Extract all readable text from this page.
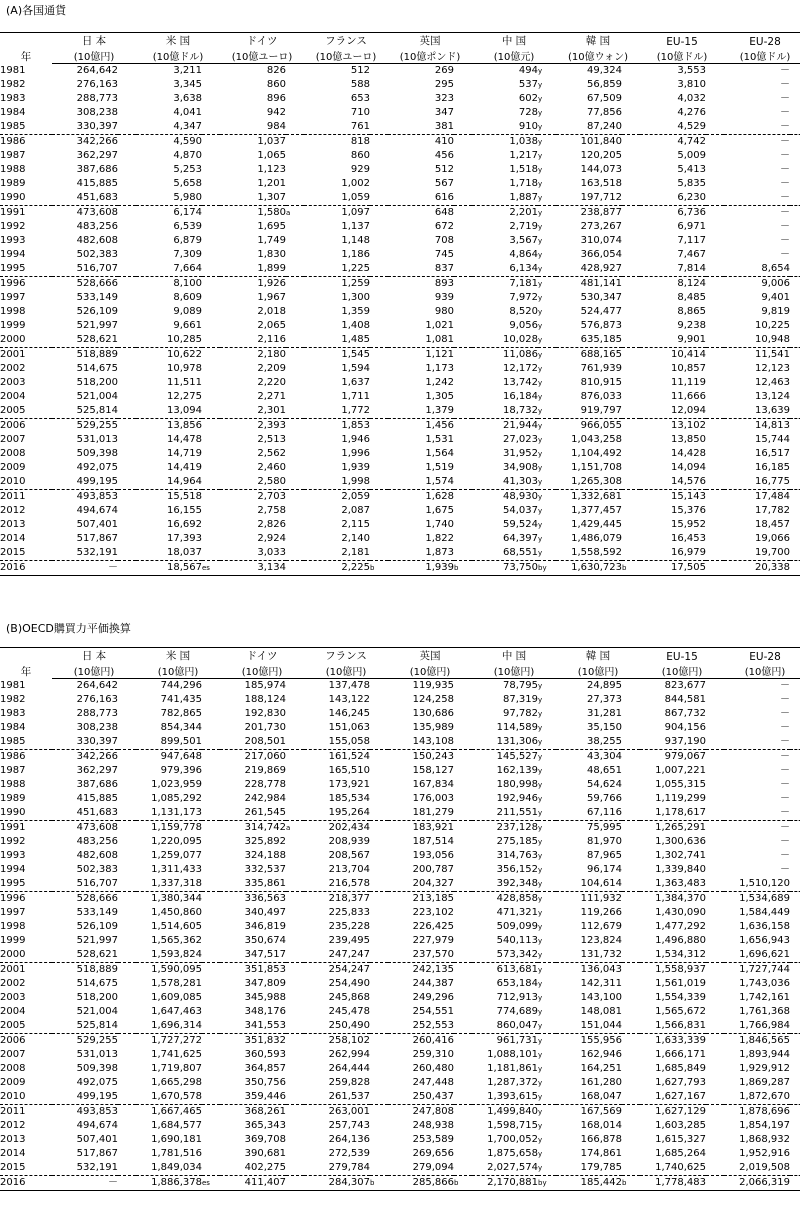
(A)各国通貨
年	日 本		米 国		ドイツ		フランス		英国		中 国		韓 国		EU-15		EU-28	
	(10億円)		(10億ドル)		(10億ユーロ)		(10億ユーロ)		(10億ポンド)		(10億元)		(10億ウォン)		(10億ドル)		(10億ドル)	
1981	264,642		3,211		826		512		269		494	y	49,324		3,553		－	
1982	276,163		3,345		860		588		295		537	y	56,859		3,810		－	
1983	288,773		3,638		896		653		323		602	y	67,509		4,032		－	
1984	308,238		4,041		942		710		347		728	y	77,856		4,276		－	
1985	330,397		4,347		984		761		381		910	y	87,240		4,529		－	
1986	342,266		4,590		1,037		818		410		1,038	y	101,840		4,742		－	
1987	362,297		4,870		1,065		860		456		1,217	y	120,205		5,009		－	
1988	387,686		5,253		1,123		929		512		1,518	y	144,073		5,413		－	
1989	415,885		5,658		1,201		1,002		567		1,718	y	163,518		5,835		－	
1990	451,683		5,980		1,307		1,059		616		1,887	y	197,712		6,230		－	
1991	473,608		6,174		1,580	a	1,097		648		2,201	y	238,877		6,736		－	
1992	483,256		6,539		1,695		1,137		672		2,719	y	273,267		6,971		－	
1993	482,608		6,879		1,749		1,148		708		3,567	y	310,074		7,117		－	
1994	502,383		7,309		1,830		1,186		745		4,864	y	366,054		7,467		－	
1995	516,707		7,664		1,899		1,225		837		6,134	y	428,927		7,814		8,654	
1996	528,666		8,100		1,926		1,259		893		7,181	y	481,141		8,124		9,006	
1997	533,149		8,609		1,967		1,300		939		7,972	y	530,347		8,485		9,401	
1998	526,109		9,089		2,018		1,359		980		8,520	y	524,477		8,865		9,819	
1999	521,997		9,661		2,065		1,408		1,021		9,056	y	576,873		9,238		10,225	
2000	528,621		10,285		2,116		1,485		1,081		10,028	y	635,185		9,901		10,948	
2001	518,889		10,622		2,180		1,545		1,121		11,086	y	688,165		10,414		11,541	
2002	514,675		10,978		2,209		1,594		1,173		12,172	y	761,939		10,857		12,123	
2003	518,200		11,511		2,220		1,637		1,242		13,742	y	810,915		11,119		12,463	
2004	521,004		12,275		2,271		1,711		1,305		16,184	y	876,033		11,666		13,124	
2005	525,814		13,094		2,301		1,772		1,379		18,732	y	919,797		12,094		13,639	
2006	529,255		13,856		2,393		1,853		1,456		21,944	y	966,055		13,102		14,813	
2007	531,013		14,478		2,513		1,946		1,531		27,023	y	1,043,258		13,850		15,744	
2008	509,398		14,719		2,562		1,996		1,564		31,952	y	1,104,492		14,428		16,517	
2009	492,075		14,419		2,460		1,939		1,519		34,908	y	1,151,708		14,094		16,185	
2010	499,195		14,964		2,580		1,998		1,574		41,303	y	1,265,308		14,576		16,775	
2011	493,853		15,518		2,703		2,059		1,628		48,930	y	1,332,681		15,143		17,484	
2012	494,674		16,155		2,758		2,087		1,675		54,037	y	1,377,457		15,376		17,782	
2013	507,401		16,692		2,826		2,115		1,740		59,524	y	1,429,445		15,952		18,457	
2014	517,867		17,393		2,924		2,140		1,822		64,397	y	1,486,079		16,453		19,066	
2015	532,191		18,037		3,033		2,181		1,873		68,551	y	1,558,592		16,979		19,700	
2016	－		18,567	es	3,134		2,225	b	1,939	b	73,750	by	1,630,723	b	17,505		20,338	
(B)OECD購買力平価換算
年	日 本		米 国		ドイツ		フランス		英国		中 国		韓 国		EU-15		EU-28	
	(10億円)		(10億円)		(10億円)		(10億円)		(10億円)		(10億円)		(10億円)		(10億円)		(10億円)	
1981	264,642		744,296		185,974		137,478		119,935		78,795	y	24,895		823,677		－	
1982	276,163		741,435		188,124		143,122		124,258		87,319	y	27,373		844,581		－	
1983	288,773		782,865		192,830		146,245		130,686		97,782	y	31,281		867,732		－	
1984	308,238		854,344		201,730		151,063		135,989		114,589	y	35,150		904,156		－	
1985	330,397		899,501		208,501		155,058		143,108		131,306	y	38,255		937,190		－	
1986	342,266		947,648		217,060		161,524		150,243		145,527	y	43,304		979,067		－	
1987	362,297		979,396		219,869		165,510		158,127		162,139	y	48,651		1,007,221		－	
1988	387,686		1,023,959		228,778		173,921		167,834		180,998	y	54,624		1,055,315		－	
1989	415,885		1,085,292		242,984		185,534		176,003		192,946	y	59,766		1,119,299		－	
1990	451,683		1,131,173		261,545		195,264		181,279		211,551	y	67,116		1,178,617		－	
1991	473,608		1,159,778		314,742	a	202,434		183,921		237,128	y	75,995		1,265,291		－	
1992	483,256		1,220,095		325,892		208,939		187,514		275,185	y	81,970		1,300,636		－	
1993	482,608		1,259,077		324,188		208,567		193,056		314,763	y	87,965		1,302,741		－	
1994	502,383		1,311,433		332,537		213,704		200,787		356,152	y	96,174		1,339,840		－	
1995	516,707		1,337,318		335,861		216,578		204,327		392,348	y	104,614		1,363,483		1,510,120	
1996	528,666		1,380,344		336,563		218,377		213,185		428,858	y	111,932		1,384,370		1,534,689	
1997	533,149		1,450,860		340,497		225,833		223,102		471,321	y	119,266		1,430,090		1,584,449	
1998	526,109		1,514,605		346,819		235,228		226,425		509,099	y	112,679		1,477,292		1,636,158	
1999	521,997		1,565,362		350,674		239,495		227,979		540,113	y	123,824		1,496,880		1,656,943	
2000	528,621		1,593,824		347,517		247,247		237,570		573,342	y	131,732		1,534,312		1,696,621	
2001	518,889		1,590,095		351,853		254,247		242,135		613,681	y	136,043		1,558,937		1,727,744	
2002	514,675		1,578,281		347,809		254,490		244,387		653,184	y	142,311		1,561,019		1,743,036	
2003	518,200		1,609,085		345,988		245,868		249,296		712,913	y	143,100		1,554,339		1,742,161	
2004	521,004		1,647,463		348,176		245,478		254,551		774,689	y	148,081		1,565,672		1,761,368	
2005	525,814		1,696,314		341,553		250,490		252,553		860,047	y	151,044		1,566,831		1,766,984	
2006	529,255		1,727,272		351,832		258,102		260,416		961,731	y	155,956		1,633,339		1,846,565	
2007	531,013		1,741,625		360,593		262,994		259,310		1,088,101	y	162,946		1,666,171		1,893,944	
2008	509,398		1,719,807		364,857		264,444		260,480		1,181,861	y	164,251		1,685,849		1,929,912	
2009	492,075		1,665,298		350,756		259,828		247,448		1,287,372	y	161,280		1,627,793		1,869,287	
2010	499,195		1,670,578		359,446		261,537		250,437		1,393,615	y	168,047		1,627,167		1,872,670	
2011	493,853		1,667,465		368,261		263,001		247,808		1,499,840	y	167,569		1,627,129		1,878,696	
2012	494,674		1,684,577		365,343		257,743		248,938		1,598,715	y	168,014		1,603,285		1,854,197	
2013	507,401		1,690,181		369,708		264,136		253,589		1,700,052	y	166,878		1,615,327		1,868,932	
2014	517,867		1,781,516		390,681		272,539		269,656		1,875,658	y	174,861		1,685,264		1,952,916	
2015	532,191		1,849,034		402,275		279,784		279,094		2,027,574	y	179,785		1,740,625		2,019,508	
2016	－		1,886,378	es	411,407		284,307	b	285,866	b	2,170,881	by	185,442	b	1,778,483		2,066,319	
